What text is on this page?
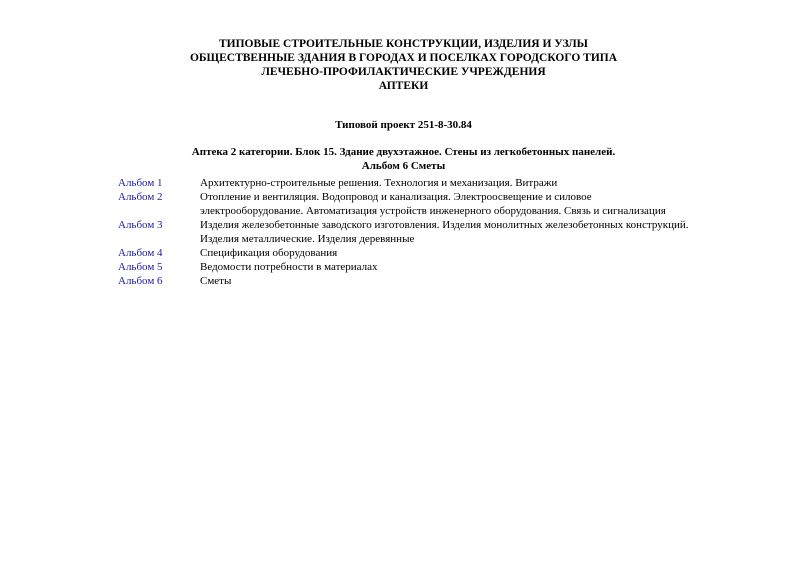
ТИПОВЫЕ СТРОИТЕЛЬНЫЕ КОНСТРУКЦИИ, ИЗДЕЛИЯ И УЗЛЫ
ОБЩЕСТВЕННЫЕ ЗДАНИЯ В ГОРОДАХ И ПОСЕЛКАХ ГОРОДСКОГО ТИПА
ЛЕЧЕБНО-ПРОФИЛАКТИЧЕСКИЕ УЧРЕЖДЕНИЯ
АПТЕКИ
Типовой проект 251-8-30.84
Аптека 2 категории. Блок 15. Здание двухэтажное. Стены из легкобетонных панелей.
Альбом 6 Сметы
Альбом 1	Архитектурно-строительные решения. Технология и механизация. Витражи
Альбом 2	Отопление и вентиляция. Водопровод и канализация. Электроосвещение и силовое
электрооборудование. Автоматизация устройств инженерного оборудования. Связь и сигнализация
Альбом 3	Изделия железобетонные заводского изготовления. Изделия монолитных железобетонных конструкций.
Изделия металлические. Изделия деревянные
Альбом 4	Спецификация оборудования
Альбом 5	Ведомости потребности в материалах
Альбом 6	Сметы
